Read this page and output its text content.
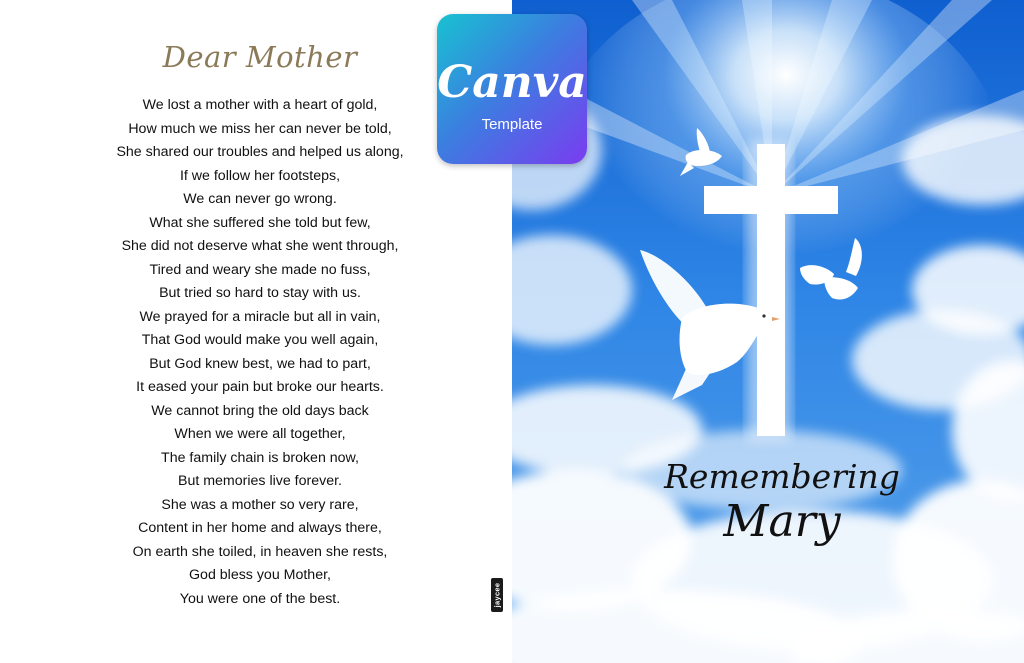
Dear Mother
We lost a mother with a heart of gold,
How much we miss her can never be told,
She shared our troubles and helped us along,
If we follow her footsteps,
We can never go wrong.
What she suffered she told but few,
She did not deserve what she went through,
Tired and weary she made no fuss,
But tried so hard to stay with us.
We prayed for a miracle but all in vain,
That God would make you well again,
But God knew best, we had to part,
It eased your pain but broke our hearts.
We cannot bring the old days back
When we were all together,
The family chain is broken now,
But memories live forever.
She was a mother so very rare,
Content in her home and always there,
On earth she toiled, in heaven she rests,
God bless you Mother,
You were one of the best.	jaycee
Remembering
Mary
Canva
Template
